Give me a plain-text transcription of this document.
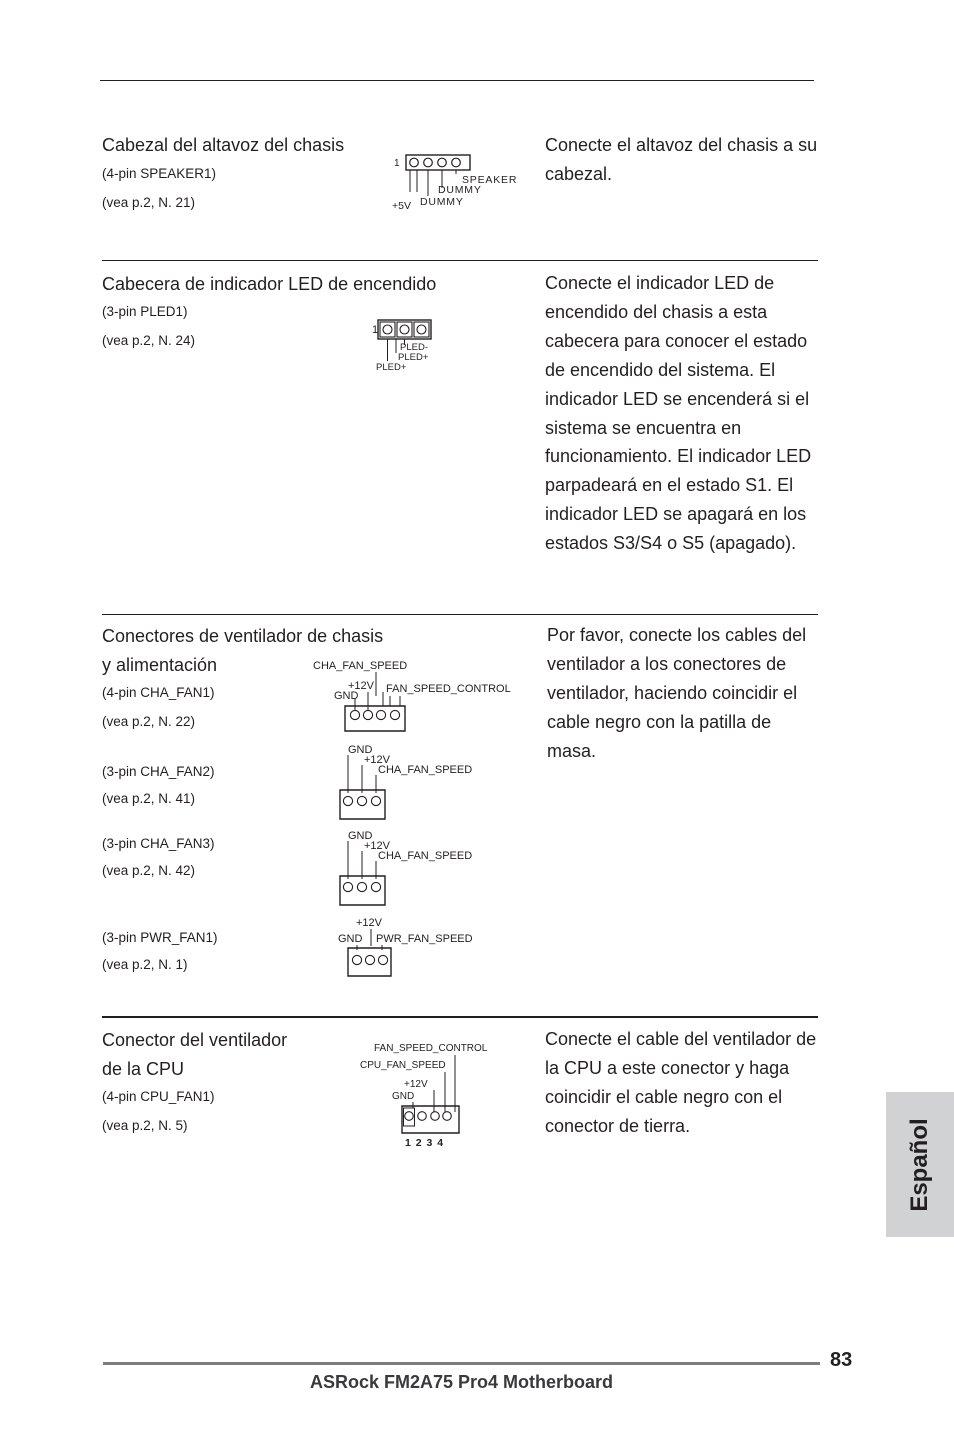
Cabezal del altavoz del chasis
(4-pin SPEAKER1)
(vea p.2, N. 21)

Conecte el altavoz del chasis a su cabezal.

1
SPEAKER
DUMMY
DUMMY
+5V
Cabecera de indicador LED de encendido
(3-pin PLED1)
(vea p.2, N. 24)

Conecte el indicador LED de encendido del chasis a esta cabecera para conocer el estado de encendido del sistema. El indicador LED se encenderá si el sistema se encuentra en funcionamiento. El indicador LED parpadeará en el estado S1. El indicador LED se apagará en los estados S3/S4 o S5 (apagado).

1
PLED-
PLED+
PLED+
Conectores de ventilador de chasis
y alimentación
(4-pin CHA_FAN1)
(vea p.2, N. 22)
(3-pin CHA_FAN2)
(vea p.2, N. 41)
(3-pin CHA_FAN3)
(vea p.2, N. 42)
(3-pin PWR_FAN1)
(vea p.2, N. 1)

Por favor, conecte los cables del ventilador a los conectores de ventilador, haciendo coincidir el cable negro con la patilla de masa.

CHA_FAN_SPEED
+12V
GND
FAN_SPEED_CONTROL
GND
+12V
CHA_FAN_SPEED
GND
+12V
CHA_FAN_SPEED
+12V
GND PWR_FAN_SPEED
Conector del ventilador
de la CPU
(4-pin CPU_FAN1)
(vea p.2, N. 5)

Conecte el cable del ventilador de la CPU a este conector y haga coincidir el cable negro con el conector de tierra.

FAN_SPEED_CONTROL
CPU_FAN_SPEED
+12V
GND
1 2 3 4	Español
83
ASRock FM2A75 Pro4 Motherboard
